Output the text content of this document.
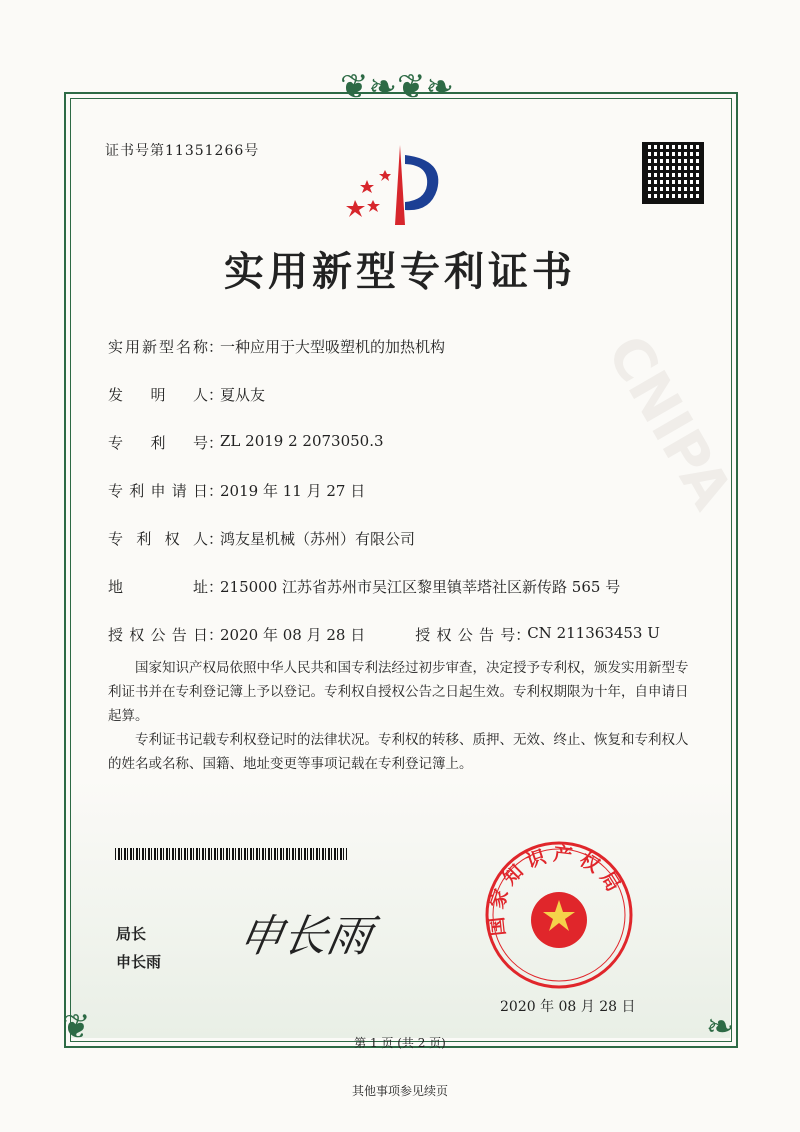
CNIPA
❦❧❦❧
❦	❧
证书号第11351266号
实用新型专利证书
实用新型名称 ：
一种应用于大型吸塑机的加热机构
发明人 ：
夏从友
专利号 ：
ZL 2019 2 2073050.3
专利申请日 ：
2019 年 11 月 27 日
专利权人 ：
鸿友星机械（苏州）有限公司
地址 ：
215000 江苏省苏州市吴江区黎里镇莘塔社区新传路 565 号
授权公告日 ：
2020 年 08 月 28 日	授权公告号 ：
CN 211363453 U

国家知识产权局依照中华人民共和国专利法经过初步审查，决定授予专利权，颁发实用新型专利证书并在专利登记簿上予以登记。专利权自授权公告之日起生效。专利权期限为十年，自申请日起算。

专利证书记载专利权登记时的法律状况。专利权的转移、质押、无效、终止、恢复和专利权人的姓名或名称、国籍、地址变更等事项记载在专利登记簿上。

局长
申长雨 申长雨	国家知识产权局
2020 年 08 月 28 日
第 1 页 (共 2 页)
其他事项参见续页
